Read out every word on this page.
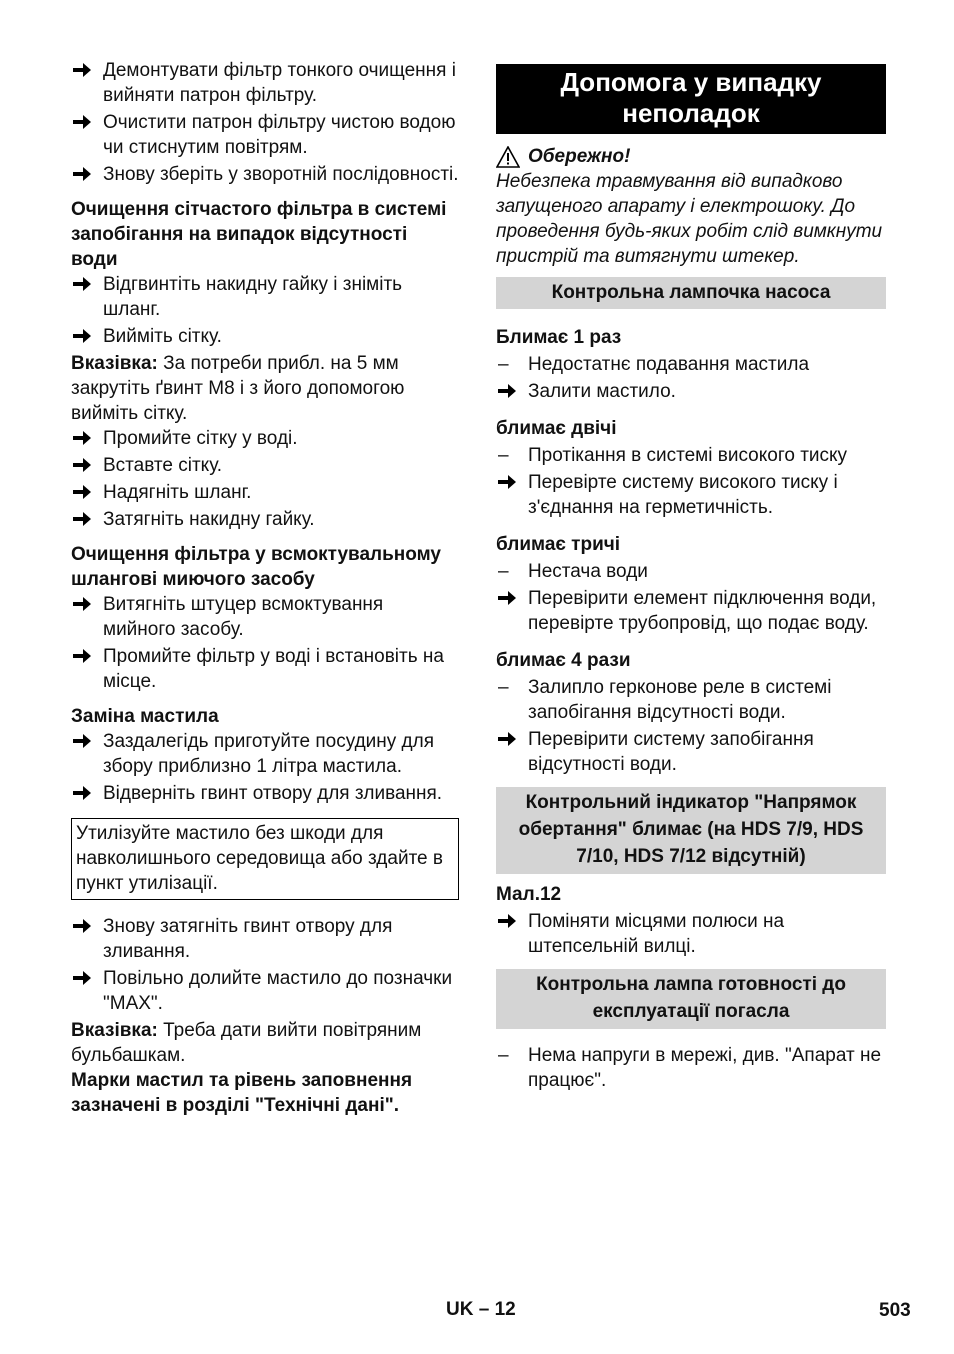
Демонтувати фільтр тонкого очищення і вийняти патрон фільтру.
Очистити патрон фільтру чистою водою чи стиснутим повітрям.
Знову зберіть у зворотній послідовності.
Очищення сітчастого фільтра в системі запобігання на випадок відсутності води
Відгвинтіть накидну гайку і зніміть шланг.
Вийміть сітку.
Вказівка: За потреби прибл. на 5 мм закрутіть ґвинт М8 і з його допомогою вийміть сітку.
Промийте сітку у воді.
Вставте сітку.
Надягніть шланг.
Затягніть накидну гайку.
Очищення фільтра у всмоктувальному шлангові миючого засобу
Витягніть штуцер всмоктування мийного засобу.
Промийте фільтр у воді і встановіть на місце.
Заміна мастила
Заздалегідь приготуйте посудину для збору приблизно 1 літра мастила.
Відверніть гвинт отвору для зливання.
Утилізуйте мастило без шкоди для навколишнього середовища або здайте в пункт утилізації.
Знову затягніть гвинт отвору для зливання.
Повільно долийте мастило до позначки "MAX".
Вказівка: Треба дати вийти повітряним бульбашкам.
Марки мастил та рівень заповнення зазначені в розділі "Технічні дані".
Допомога у випадку неполадок
Обережно!
Небезпека травмування від випадково запущеного апарату і електрошоку. До проведення будь-яких робіт слід вимкнути пристрій та витягнути штекер.
Контрольна лампочка насоса
Блимає 1 раз
–	Недостатнє подавання мастила
Залити мастило.
блимає двічі
–	Протікання в системі високого тиску
Перевірте систему високого тиску і з'єднання на герметичність.
блимає тричі
–	Нестача води
Перевірити елемент підключення води, перевірте трубопровід, що подає воду.
блимає 4 рази
–	Залипло герконове реле в системі запобігання відсутності води.
Перевірити систему запобігання відсутності води.
Контрольний індикатор "Напрямок обертання" блимає (на HDS 7/9, HDS 7/10, HDS 7/12 відсутній)
Мал.12
Поміняти місцями полюси на штепсельній вилці.
Контрольна лампа готовності до експлуатації погасла
–	Нема напруги в мережі, див. "Апарат не працює".
UK – 12	503
